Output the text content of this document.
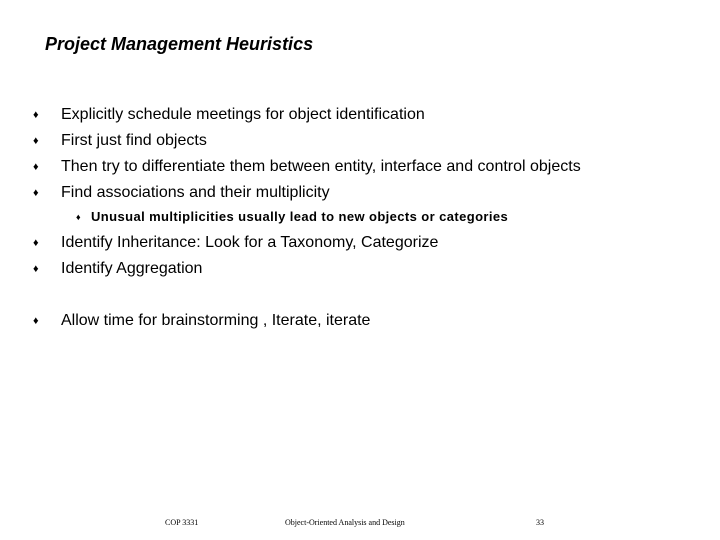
Project Management Heuristics
♦ Explicitly schedule meetings for object identification
♦ First just find objects
♦ Then try to differentiate them between entity, interface and control objects
♦ Find associations and their multiplicity
♦ Unusual multiplicities usually lead to new objects or categories
♦ Identify Inheritance: Look for a Taxonomy, Categorize
♦ Identify Aggregation
♦ Allow time for brainstorming , Iterate, iterate
COP 3331	Object-Oriented Analysis and Design	33
